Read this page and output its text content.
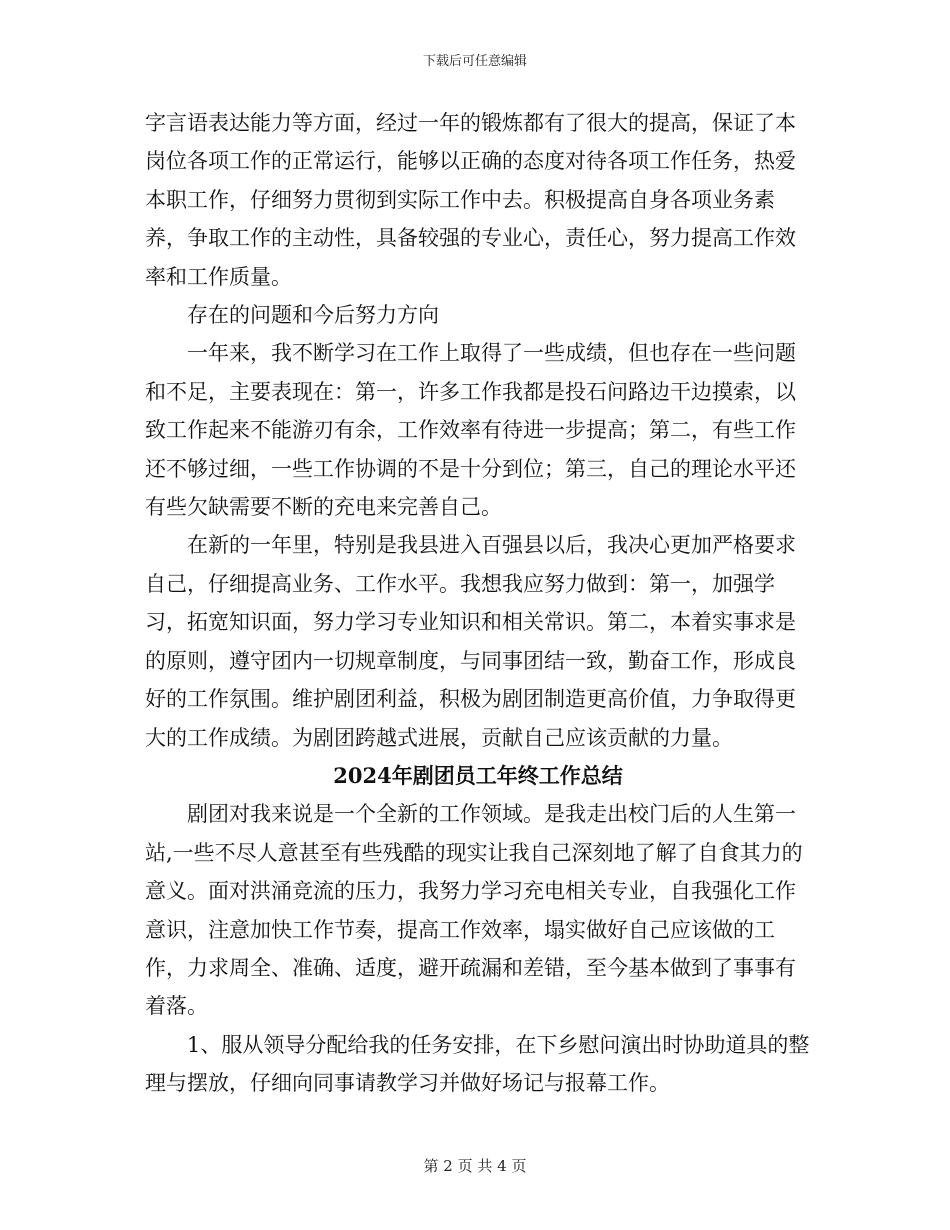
下载后可任意编辑

字言语表达能力等方面，经过一年的锻炼都有了很大的提高，保证了本岗位各项工作的正常运行，能够以正确的态度对待各项工作任务，热爱本职工作，仔细努力贯彻到实际工作中去。积极提高自身各项业务素养，争取工作的主动性，具备较强的专业心，责任心，努力提高工作效率和工作质量。

存在的问题和今后努力方向

一年来，我不断学习在工作上取得了一些成绩，但也存在一些问题和不足，主要表现在：第一，许多工作我都是投石问路边干边摸索，以致工作起来不能游刃有余，工作效率有待进一步提高；第二，有些工作还不够过细，一些工作协调的不是十分到位；第三，自己的理论水平还有些欠缺需要不断的充电来完善自己。

在新的一年里，特别是我县进入百强县以后，我决心更加严格要求自己，仔细提高业务、工作水平。我想我应努力做到：第一，加强学习，拓宽知识面，努力学习专业知识和相关常识。第二，本着实事求是的原则，遵守团内一切规章制度，与同事团结一致，勤奋工作，形成良好的工作氛围。维护剧团利益，积极为剧团制造更高价值，力争取得更大的工作成绩。为剧团跨越式进展，贡献自己应该贡献的力量。

2024年剧团员工年终工作总结

剧团对我来说是一个全新的工作领域。是我走出校门后的人生第一站,一些不尽人意甚至有些残酷的现实让我自己深刻地了解了自食其力的意义。面对洪涌竞流的压力，我努力学习充电相关专业，自我强化工作意识，注意加快工作节奏，提高工作效率，塌实做好自己应该做的工作，力求周全、准确、适度，避开疏漏和差错，至今基本做到了事事有着落。

1、服从领导分配给我的任务安排，在下乡慰问演出时协助道具的整理与摆放，仔细向同事请教学习并做好场记与报幕工作。

第 2 页 共 4 页
